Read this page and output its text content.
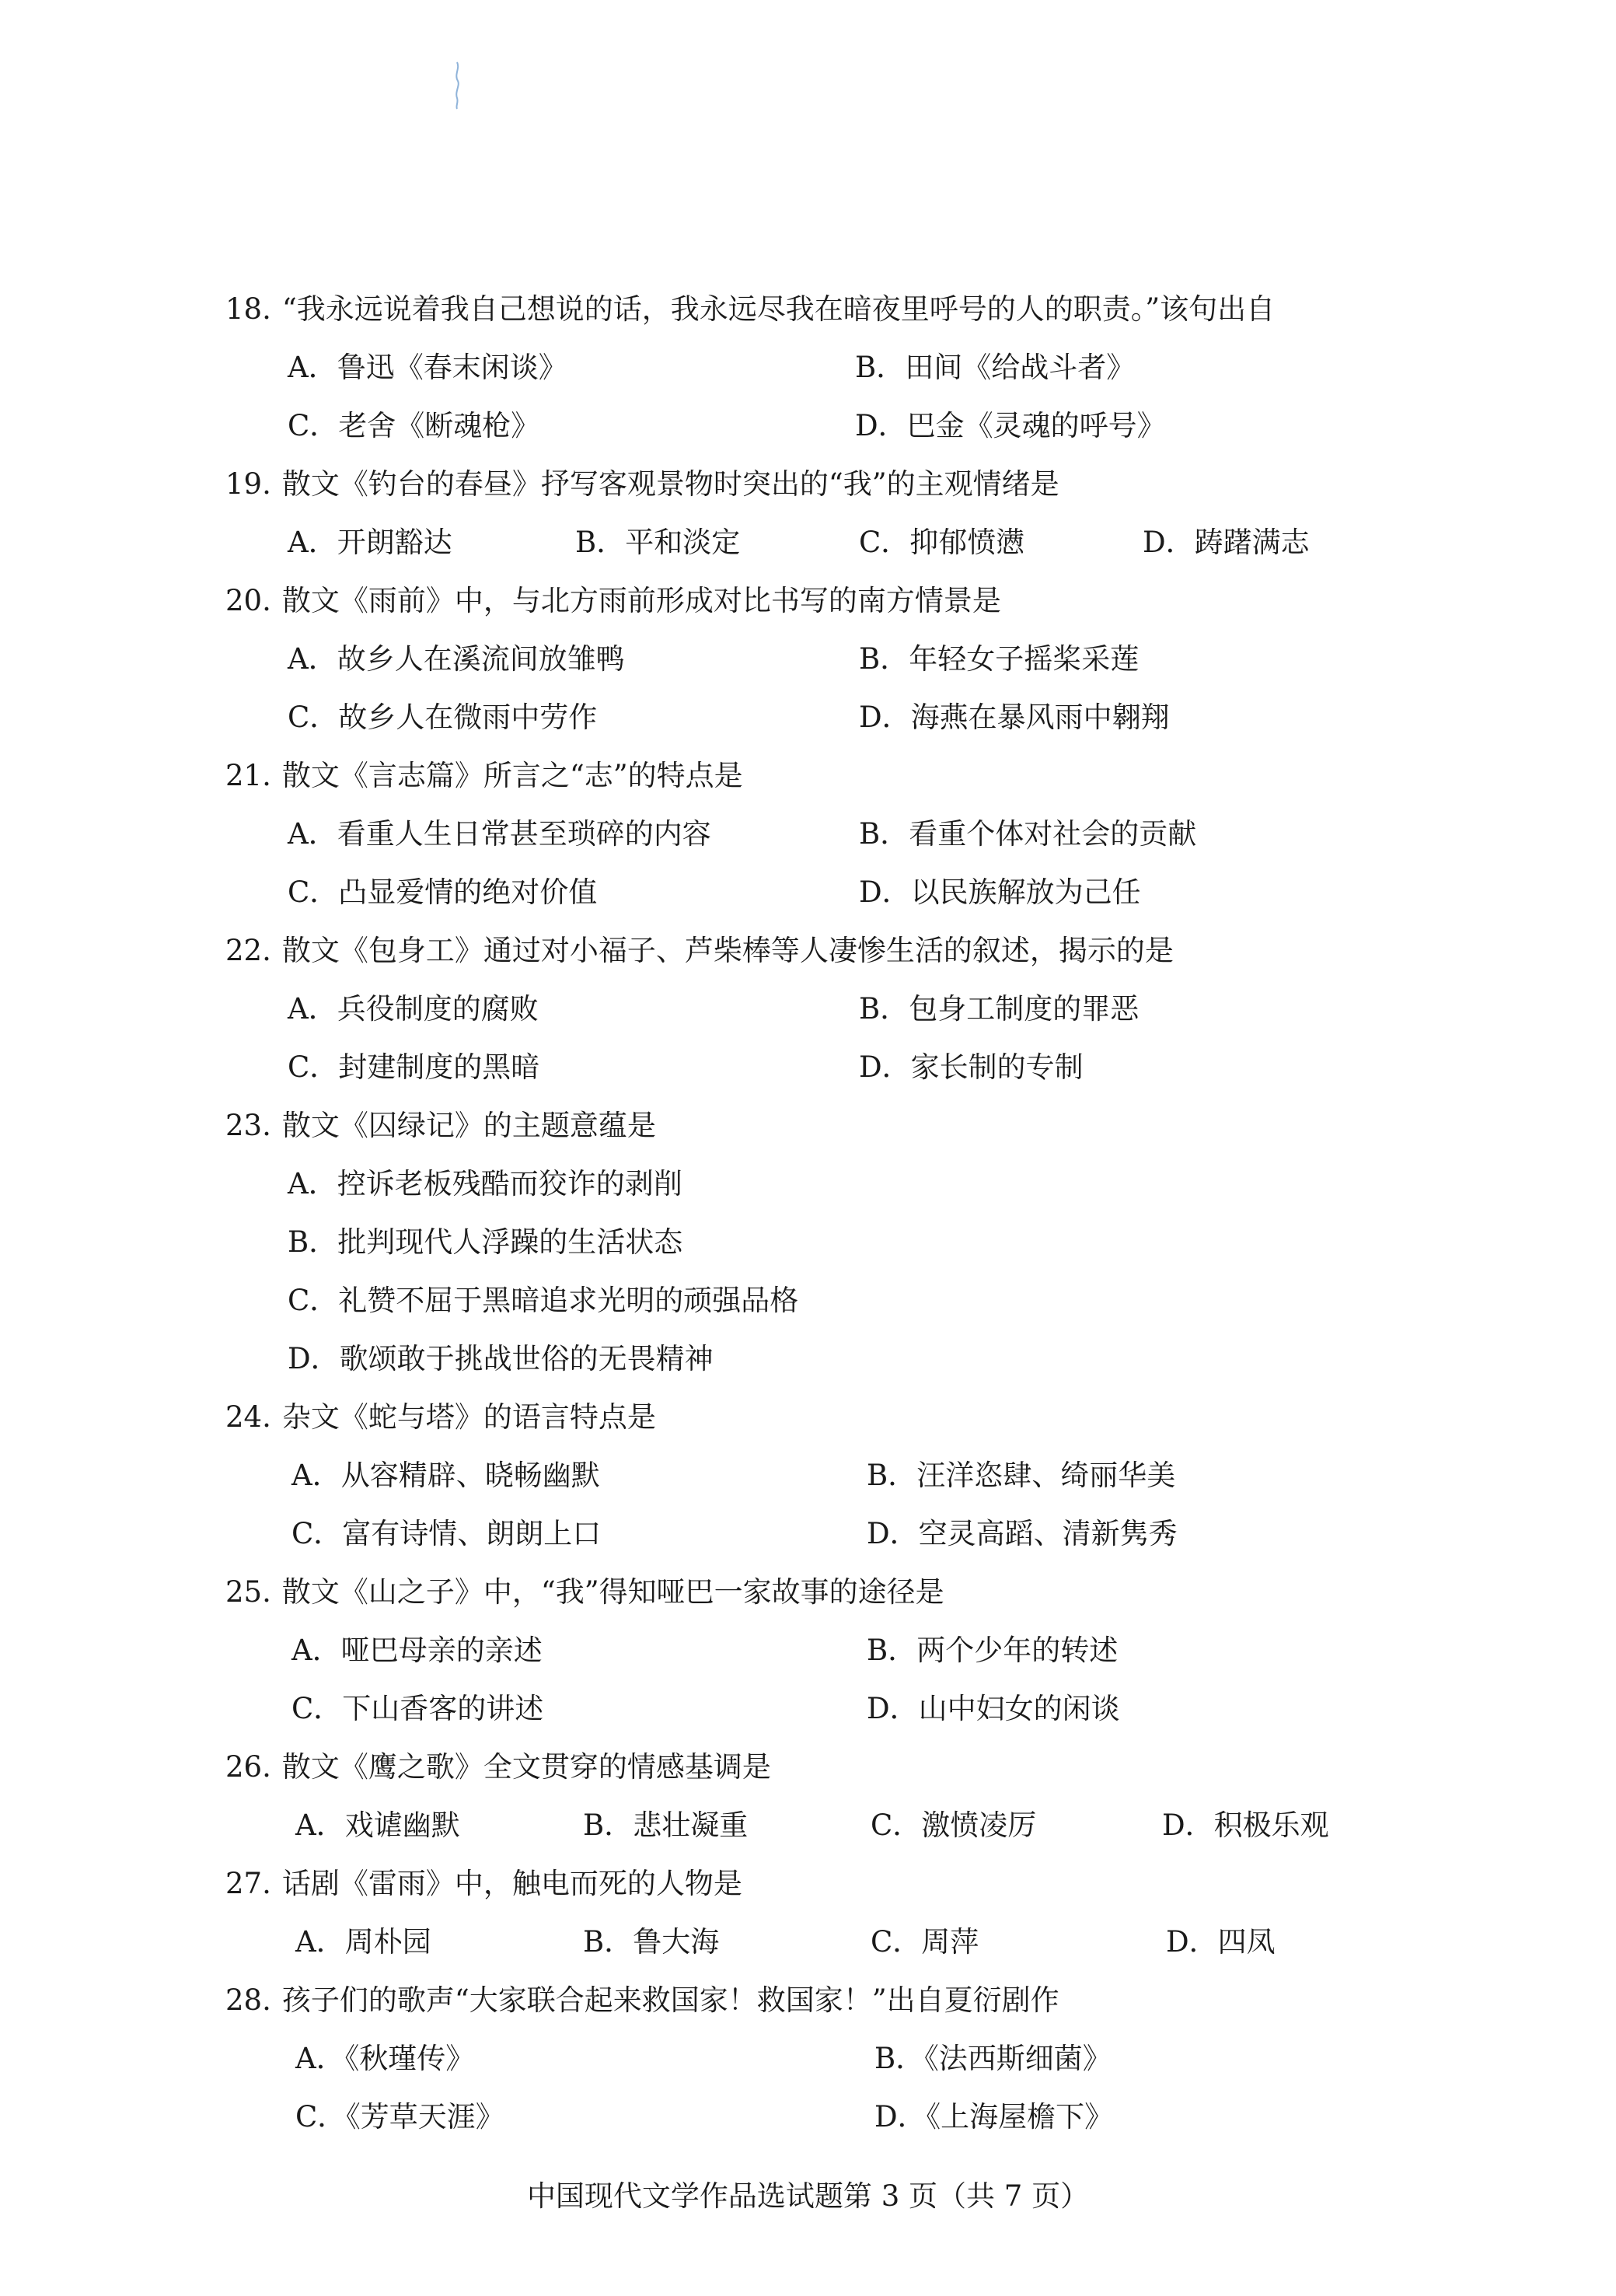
18. “我永远说着我自己想说的话，我永远尽我在暗夜里呼号的人的职责。”该句出自
A．鲁迅《春末闲谈》	B．田间《给战斗者》
C．老舍《断魂枪》	D．巴金《灵魂的呼号》
19. 散文《钓台的春昼》抒写客观景物时突出的“我”的主观情绪是
A．开朗豁达	B．平和淡定	C．抑郁愤懑	D．踌躇满志
20. 散文《雨前》中，与北方雨前形成对比书写的南方情景是
A．故乡人在溪流间放雏鸭	B．年轻女子摇桨采莲
C．故乡人在微雨中劳作	D．海燕在暴风雨中翱翔
21. 散文《言志篇》所言之“志”的特点是
A．看重人生日常甚至琐碎的内容	B．看重个体对社会的贡献
C．凸显爱情的绝对价值	D．以民族解放为己任
22. 散文《包身工》通过对小福子、芦柴棒等人凄惨生活的叙述，揭示的是
A．兵役制度的腐败	B．包身工制度的罪恶
C．封建制度的黑暗	D．家长制的专制
23. 散文《囚绿记》的主题意蕴是
A．控诉老板残酷而狡诈的剥削
B．批判现代人浮躁的生活状态
C．礼赞不屈于黑暗追求光明的顽强品格
D．歌颂敢于挑战世俗的无畏精神
24. 杂文《蛇与塔》的语言特点是
A．从容精辟、晓畅幽默	B．汪洋恣肆、绮丽华美
C．富有诗情、朗朗上口	D．空灵高蹈、清新隽秀
25. 散文《山之子》中，“我”得知哑巴一家故事的途径是
A．哑巴母亲的亲述	B．两个少年的转述
C．下山香客的讲述	D．山中妇女的闲谈
26. 散文《鹰之歌》全文贯穿的情感基调是
A．戏谑幽默	B．悲壮凝重	C．激愤凌厉	D．积极乐观
27. 话剧《雷雨》中，触电而死的人物是
A．周朴园	B．鲁大海	C．周萍	D．四凤
28. 孩子们的歌声“大家联合起来救国家！救国家！”出自夏衍剧作
A．《秋瑾传》	B．《法西斯细菌》
C．《芳草天涯》	D．《上海屋檐下》
中国现代文学作品选试题第 3 页（共 7 页）
